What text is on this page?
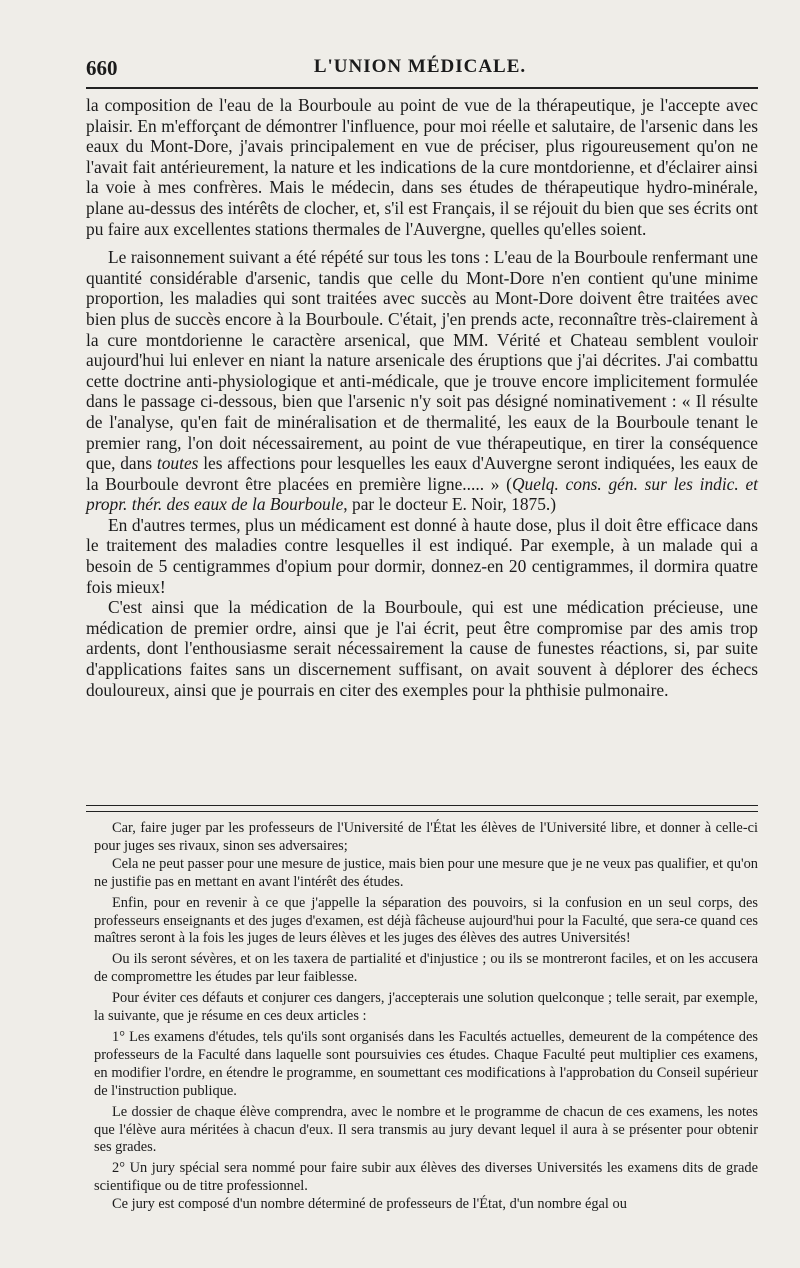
660	L'UNION MÉDICALE.

la composition de l'eau de la Bourboule au point de vue de la thérapeutique, je l'accepte avec plaisir. En m'efforçant de démontrer l'influence, pour moi réelle et salutaire, de l'arsenic dans les eaux du Mont-Dore, j'avais principalement en vue de préciser, plus rigoureusement qu'on ne l'avait fait antérieurement, la nature et les indications de la cure montdorienne, et d'éclairer ainsi la voie à mes confrères. Mais le médecin, dans ses études de thérapeutique hydro-minérale, plane au-dessus des intérêts de clocher, et, s'il est Français, il se réjouit du bien que ses écrits ont pu faire aux excellentes stations thermales de l'Auvergne, quelles qu'elles soient.

Le raisonnement suivant a été répété sur tous les tons : L'eau de la Bourboule renfermant une quantité considérable d'arsenic, tandis que celle du Mont-Dore n'en contient qu'une minime proportion, les maladies qui sont traitées avec succès au Mont-Dore doivent être traitées avec bien plus de succès encore à la Bourboule. C'était, j'en prends acte, reconnaître très-clairement à la cure montdorienne le caractère arsenical, que MM. Vérité et Chateau semblent vouloir aujourd'hui lui enlever en niant la nature arsenicale des éruptions que j'ai décrites. J'ai combattu cette doctrine anti-physiologique et anti-médicale, que je trouve encore implicitement formulée dans le passage ci-dessous, bien que l'arsenic n'y soit pas désigné nominativement : « Il résulte de l'analyse, qu'en fait de minéralisation et de thermalité, les eaux de la Bourboule tenant le premier rang, l'on doit nécessairement, au point de vue thérapeutique, en tirer la conséquence que, dans toutes les affections pour lesquelles les eaux d'Auvergne seront indiquées, les eaux de la Bourboule devront être placées en première ligne..... » (Quelq. cons. gén. sur les indic. et propr. thér. des eaux de la Bourboule, par le docteur E. Noir, 1875.)

En d'autres termes, plus un médicament est donné à haute dose, plus il doit être efficace dans le traitement des maladies contre lesquelles il est indiqué. Par exemple, à un malade qui a besoin de 5 centigrammes d'opium pour dormir, donnez-en 20 centigrammes, il dormira quatre fois mieux!

C'est ainsi que la médication de la Bourboule, qui est une médication précieuse, une médication de premier ordre, ainsi que je l'ai écrit, peut être compromise par des amis trop ardents, dont l'enthousiasme serait nécessairement la cause de funestes réactions, si, par suite d'applications faites sans un discernement suffisant, on avait souvent à déplorer des échecs douloureux, ainsi que je pourrais en citer des exemples pour la phthisie pulmonaire.

Car, faire juger par les professeurs de l'Université de l'État les élèves de l'Université libre, et donner à celle-ci pour juges ses rivaux, sinon ses adversaires;

Cela ne peut passer pour une mesure de justice, mais bien pour une mesure que je ne veux pas qualifier, et qu'on ne justifie pas en mettant en avant l'intérêt des études.

Enfin, pour en revenir à ce que j'appelle la séparation des pouvoirs, si la confusion en un seul corps, des professeurs enseignants et des juges d'examen, est déjà fâcheuse aujourd'hui pour la Faculté, que sera-ce quand ces maîtres seront à la fois les juges de leurs élèves et les juges des élèves des autres Universités!

Ou ils seront sévères, et on les taxera de partialité et d'injustice ; ou ils se montreront faciles, et on les accusera de compromettre les études par leur faiblesse.

Pour éviter ces défauts et conjurer ces dangers, j'accepterais une solution quelconque ; telle serait, par exemple, la suivante, que je résume en ces deux articles :

1° Les examens d'études, tels qu'ils sont organisés dans les Facultés actuelles, demeurent de la compétence des professeurs de la Faculté dans laquelle sont poursuivies ces études. Chaque Faculté peut multiplier ces examens, en modifier l'ordre, en étendre le programme, en soumettant ces modifications à l'approbation du Conseil supérieur de l'instruction publique.

Le dossier de chaque élève comprendra, avec le nombre et le programme de chacun de ces examens, les notes que l'élève aura méritées à chacun d'eux. Il sera transmis au jury devant lequel il aura à se présenter pour obtenir ses grades.

2° Un jury spécial sera nommé pour faire subir aux élèves des diverses Universités les examens dits de grade scientifique ou de titre professionnel.

Ce jury est composé d'un nombre déterminé de professeurs de l'État, d'un nombre égal ou
